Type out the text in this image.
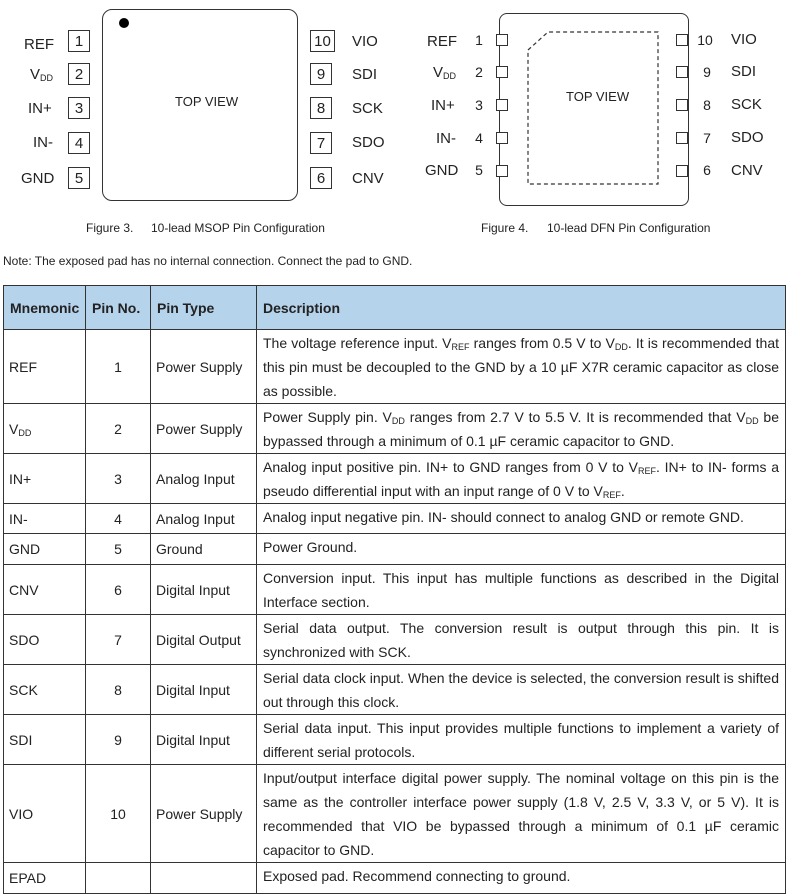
REF
$V_{DD}$
IN+
IN-
GND
1
2
3
4
5
TOP VIEW
10
9
8
7
6
VIO
SDI
SCK
SDO
CNV
Figure 3. 10-lead MSOP Pin Configuration
REF
$V_{DD}$
IN+
IN-
GND
1
2
3
4
5
TOP VIEW
10
9
8
7
6
VIO
SDI
SCK
SDO
CNV
Figure 4. 10-lead DFN Pin Configuration
Note: The exposed pad has no internal connection. Connect the pad to GND.
Mnemonic	Pin No.	Pin Type	Description
REF	1	Power Supply	The voltage reference input. $V_{REF}$ ranges from 0.5 V to $V_{DD}$. It is recommended that this pin must be decoupled to the GND by a 10 µF X7R ceramic capacitor as close as possible.
$V_{DD}$	2	Power Supply	Power Supply pin. $V_{DD}$ ranges from 2.7 V to 5.5 V. It is recommended that $V_{DD}$ be bypassed through a minimum of 0.1 µF ceramic capacitor to GND.
IN+	3	Analog Input	Analog input positive pin. IN+ to GND ranges from 0 V to $V_{REF}$. IN+ to IN- forms a pseudo differential input with an input range of 0 V to $V_{REF}$.
IN-	4	Analog Input	Analog input negative pin. IN- should connect to analog GND or remote GND.
GND	5	Ground	Power Ground.
CNV	6	Digital Input	Conversion input. This input has multiple functions as described in the Digital Interface section.
SDO	7	Digital Output	Serial data output. The conversion result is output through this pin. It is synchronized with SCK.
SCK	8	Digital Input	Serial data clock input. When the device is selected, the conversion result is shifted out through this clock.
SDI	9	Digital Input	Serial data input. This input provides multiple functions to implement a variety of different serial protocols.
VIO	10	Power Supply	Input/output interface digital power supply. The nominal voltage on this pin is the same as the controller interface power supply (1.8 V, 2.5 V, 3.3 V, or 5 V). It is recommended that VIO be bypassed through a minimum of 0.1 µF ceramic capacitor to GND.
EPAD			Exposed pad. Recommend connecting to ground.
